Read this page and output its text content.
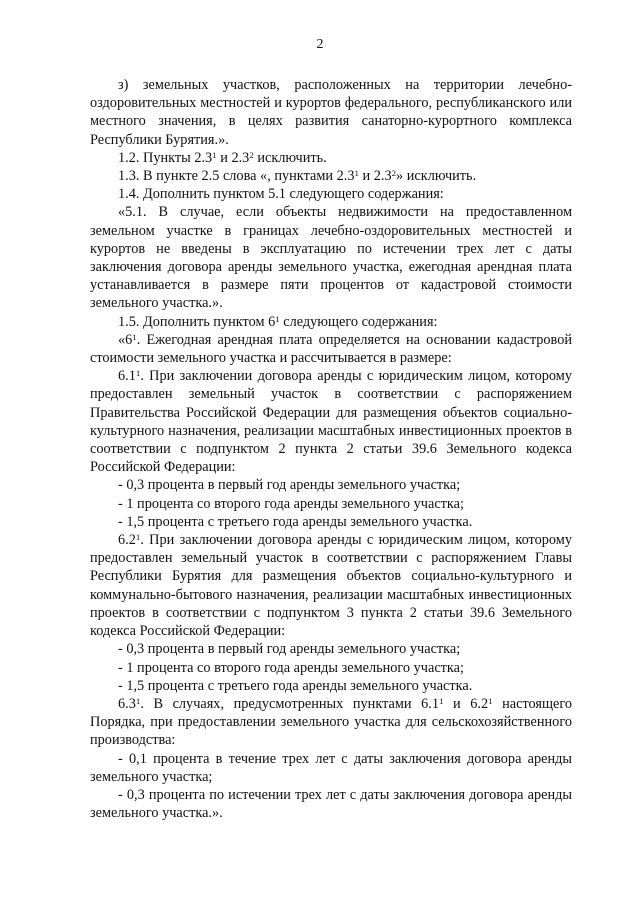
2

з) земельных участков, расположенных на территории лечебно-оздоровительных местностей и курортов федерального, республиканского или местного значения, в целях развития санаторно-курортного комплекса Республики Бурятия.».

1.2. Пункты $2.3^1$ и $2.3^2$ исключить.

1.3. В пункте 2.5 слова «, пунктами $2.3^1$ и $2.3^2$» исключить.

1.4. Дополнить пунктом 5.1 следующего содержания:

«5.1. В случае, если объекты недвижимости на предоставленном земельном участке в границах лечебно-оздоровительных местностей и курортов не введены в эксплуатацию по истечении трех лет с даты заключения договора аренды земельного участка, ежегодная арендная плата устанавливается в размере пяти процентов от кадастровой стоимости земельного участка.».

1.5. Дополнить пунктом $6^1$ следующего содержания:

«$6^1$. Ежегодная арендная плата определяется на основании кадастровой стоимости земельного участка и рассчитывается в размере:

$6.1^1$. При заключении договора аренды с юридическим лицом, которому предоставлен земельный участок в соответствии с распоряжением Правительства Российской Федерации для размещения объектов социально-культурного назначения, реализации масштабных инвестиционных проектов в соответствии с подпунктом 2 пункта 2 статьи 39.6 Земельного кодекса Российской Федерации:

- 0,3 процента в первый год аренды земельного участка;

- 1 процента со второго года аренды земельного участка;

- 1,5 процента с третьего года аренды земельного участка.

$6.2^1$. При заключении договора аренды с юридическим лицом, которому предоставлен земельный участок в соответствии с распоряжением Главы Республики Бурятия для размещения объектов социально-культурного и коммунально-бытового назначения, реализации масштабных инвестиционных проектов в соответствии с подпунктом 3 пункта 2 статьи 39.6 Земельного кодекса Российской Федерации:

- 0,3 процента в первый год аренды земельного участка;

- 1 процента со второго года аренды земельного участка;

- 1,5 процента с третьего года аренды земельного участка.

$6.3^1$. В случаях, предусмотренных пунктами $6.1^1$ и $6.2^1$ настоящего Порядка, при предоставлении земельного участка для сельскохозяйственного производства:

- 0,1 процента в течение трех лет с даты заключения договора аренды земельного участка;

- 0,3 процента по истечении трех лет с даты заключения договора аренды земельного участка.».
